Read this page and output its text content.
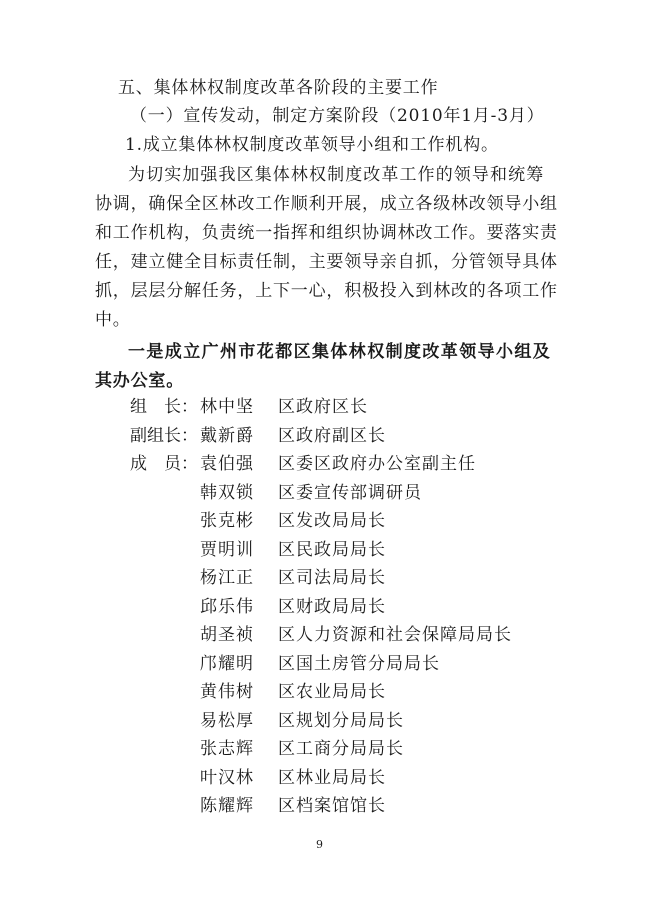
五、集体林权制度改革各阶段的主要工作
（一）宣传发动，制定方案阶段（2010年1月-3月）
1.成立集体林权制度改革领导小组和工作机构。
为切实加强我区集体林权制度改革工作的领导和统筹
协调，确保全区林改工作顺利开展，成立各级林改领导小组
和工作机构，负责统一指挥和组织协调林改工作。要落实责
任，建立健全目标责任制，主要领导亲自抓，分管领导具体
抓，层层分解任务，上下一心，积极投入到林改的各项工作
中。
一是成立广州市花都区集体林权制度改革领导小组及
其办公室。
组　长： 林中坚 区政府区长
副组长： 戴新爵 区政府副区长
成　员： 袁伯强 区委区政府办公室副主任
韩双锁 区委宣传部调研员
张克彬 区发改局局长
贾明训 区民政局局长
杨江正 区司法局局长
邱乐伟 区财政局局长
胡圣祯 区人力资源和社会保障局局长
邝耀明 区国土房管分局局长
黄伟树 区农业局局长
易松厚 区规划分局局长
张志辉 区工商分局局长
叶汉林 区林业局局长
陈耀辉 区档案馆馆长
9
